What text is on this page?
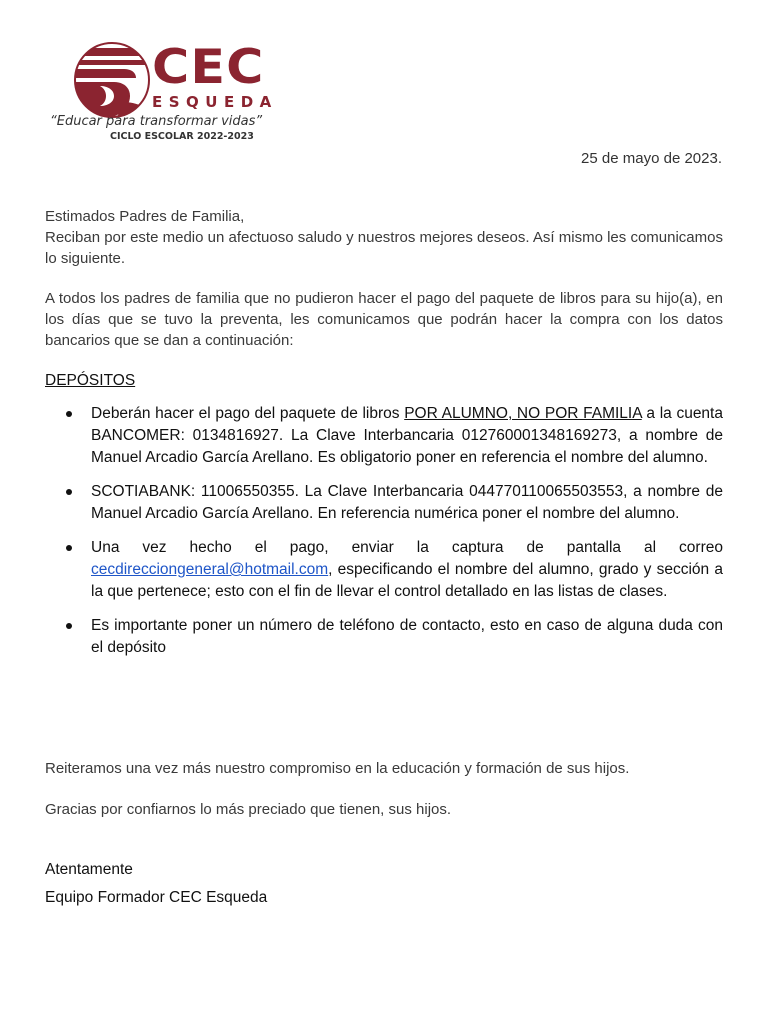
CEC
ESQUEDA
“Educar para transformar vidas”
CICLO ESCOLAR 2022-2023
25 de mayo de 2023.

Estimados Padres de Familia,
Reciban por este medio un afectuoso saludo y nuestros mejores deseos. Así mismo les comunicamos lo siguiente.

A todos los padres de familia que no pudieron hacer el pago del paquete de libros para su hijo(a), en los días que se tuvo la preventa, les comunicamos que podrán hacer la compra con los datos bancarios que se dan a continuación:

DEPÓSITOS

Deberán hacer el pago del paquete de libros POR ALUMNO, NO POR FAMILIA a la cuenta BANCOMER: 0134816927. La Clave Interbancaria 012760001348169273, a nombre de Manuel Arcadio García Arellano. Es obligatorio poner en referencia el nombre del alumno.
SCOTIABANK: 11006550355. La Clave Interbancaria 044770110065503553, a nombre de Manuel Arcadio García Arellano. En referencia numérica poner el nombre del alumno.
Una vez hecho el pago, enviar la captura de pantalla al correo cecdirecciongeneral@hotmail.com, especificando el nombre del alumno, grado y sección a la que pertenece; esto con el fin de llevar el control detallado en las listas de clases.
Es importante poner un número de teléfono de contacto, esto en caso de alguna duda con el depósito

Reiteramos una vez más nuestro compromiso en la educación y formación de sus hijos.

Gracias por confiarnos lo más preciado que tienen, sus hijos.

Atentamente
Equipo Formador CEC Esqueda
